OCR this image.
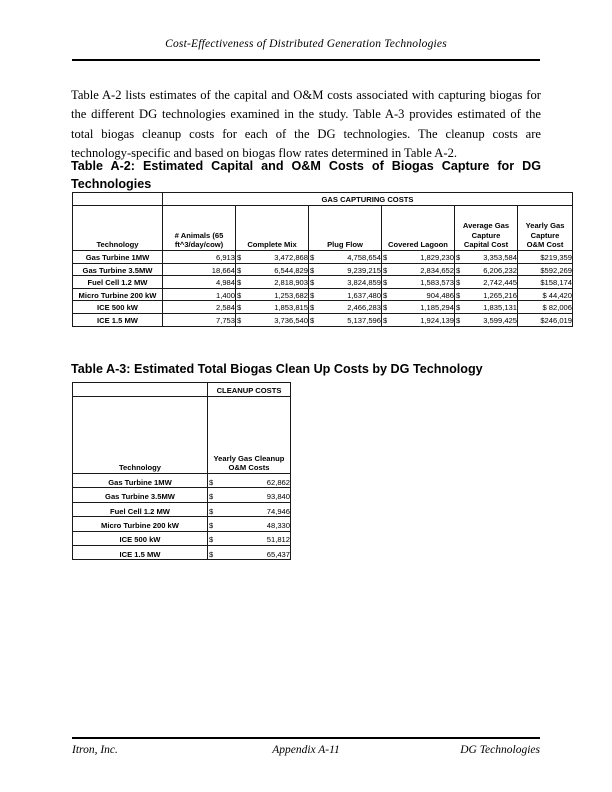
Cost-Effectiveness of Distributed Generation Technologies

Table A-2 lists estimates of the capital and O&M costs associated with capturing biogas for the different DG technologies examined in the study. Table A-3 provides estimated of the total biogas cleanup costs for each of the DG technologies. The cleanup costs are technology-specific and based on biogas flow rates determined in Table A-2.

Table A-2: Estimated Capital and O&M Costs of Biogas Capture for DG Technologies
	GAS CAPTURING COSTS					
Technology	# Animals (65
ft^3/day/cow)	Complete Mix	Plug Flow	Covered Lagoon	Average Gas
Capture
Capital Cost	Yearly Gas
Capture
O&M Cost
Gas Turbine 1MW	6,913	$ 3,472,868	$ 4,758,654	$ 1,829,230	$ 3,353,584	$219,359
Gas Turbine 3.5MW	18,664	$ 6,544,829	$ 9,239,215	$ 2,834,652	$ 6,206,232	$592,269
Fuel Cell 1.2 MW	4,984	$ 2,818,903	$ 3,824,859	$ 1,583,573	$ 2,742,445	$158,174
Micro Turbine 200 kW	1,400	$ 1,253,682	$ 1,637,480	$ 904,486	$ 1,265,216	$ 44,420
ICE 500 kW	2,584	$ 1,853,815	$ 2,466,283	$ 1,185,294	$ 1,835,131	$ 82,006
ICE 1.5 MW	7,753	$ 3,736,540	$ 5,137,596	$ 1,924,139	$ 3,599,425	$246,019
Table A-3: Estimated Total Biogas Clean Up Costs by DG Technology
	CLEANUP COSTS
Technology	Yearly Gas Cleanup
O&M Costs
Gas Turbine 1MW	$ 62,862

Gas Turbine 3.5MW	$ 93,840

Fuel Cell 1.2 MW	$ 74,946

Micro Turbine 200 kW	$ 48,330

ICE 500 kW	$ 51,812

ICE 1.5 MW	$ 65,437
Itron, Inc.	Appendix A-11	DG Technologies
